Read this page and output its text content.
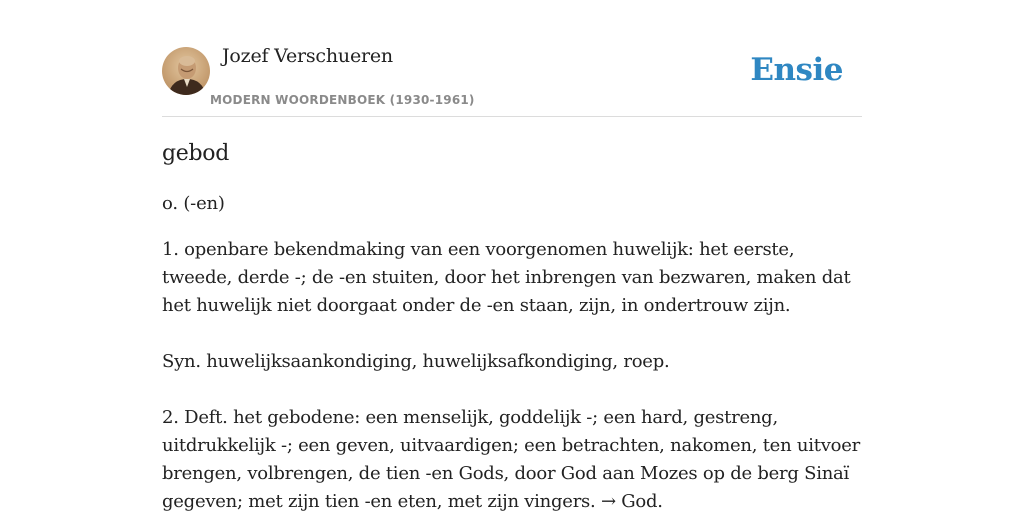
Jozef Verschueren
MODERN WOORDENBOEK (1930-1961)
Ensie
gebod
o. (-en)

1. openbare bekendmaking van een voorgenomen huwelijk: het eerste, tweede, derde -; de -en stuiten, door het inbrengen van bezwaren, maken dat het huwelijk niet doorgaat onder de -en staan, zijn, in ondertrouw zijn.

Syn. huwelijksaankondiging, huwelijksafkondiging, roep.

2. Deft. het gebodene: een menselijk, goddelijk -; een hard, gestreng, uitdrukkelijk -; een geven, uitvaardigen; een betrachten, nakomen, ten uitvoer brengen, volbrengen, de tien -en Gods, door God aan Mozes op de berg Sinaï gegeven; met zijn tien -en eten, met zijn vingers. → God.
